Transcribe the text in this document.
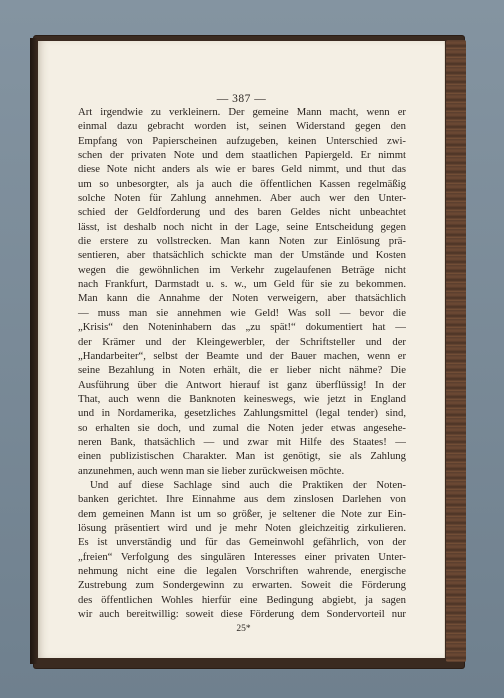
— 387 —
Art irgendwie zu verkleinern. Der gemeine Mann macht, wenn er
einmal dazu gebracht worden ist, seinen Widerstand gegen den
Empfang von Papierscheinen aufzugeben, keinen Unterschied zwi-
schen der privaten Note und dem staatlichen Papiergeld. Er nimmt
diese Note nicht anders als wie er bares Geld nimmt, und thut das
um so unbesorgter, als ja auch die öffentlichen Kassen regelmäßig
solche Noten für Zahlung annehmen. Aber auch wer den Unter-
schied der Geldforderung und des baren Geldes nicht unbeachtet
lässt, ist deshalb noch nicht in der Lage, seine Entscheidung gegen
die erstere zu vollstrecken. Man kann Noten zur Einlösung prä-
sentieren, aber thatsächlich schickte man der Umstände und Kosten
wegen die gewöhnlichen im Verkehr zugelaufenen Beträge nicht
nach Frankfurt, Darmstadt u. s. w., um Geld für sie zu bekommen.
Man kann die Annahme der Noten verweigern, aber thatsächlich
— muss man sie annehmen wie Geld! Was soll — bevor die
„Krisis“ den Noteninhabern das „zu spät!“ dokumentiert hat —
der Krämer und der Kleingewerbler, der Schriftsteller und der
„Handarbeiter“, selbst der Beamte und der Bauer machen, wenn er
seine Bezahlung in Noten erhält, die er lieber nicht nähme? Die
Ausführung über die Antwort hierauf ist ganz überflüssig! In der
That, auch wenn die Banknoten keineswegs, wie jetzt in England
und in Nordamerika, gesetzliches Zahlungsmittel (legal tender) sind,
so erhalten sie doch, und zumal die Noten jeder etwas angesehe-
neren Bank, thatsächlich — und zwar mit Hilfe des Staates! —
einen publizistischen Charakter. Man ist genötigt, sie als Zahlung
anzunehmen, auch wenn man sie lieber zurückweisen möchte.
Und auf diese Sachlage sind auch die Praktiken der Noten-
banken gerichtet. Ihre Einnahme aus dem zinslosen Darlehen von
dem gemeinen Mann ist um so größer, je seltener die Note zur Ein-
lösung präsentiert wird und je mehr Noten gleichzeitig zirkulieren.
Es ist unverständig und für das Gemeinwohl gefährlich, von der
„freien“ Verfolgung des singulären Interesses einer privaten Unter-
nehmung nicht eine die legalen Vorschriften wahrende, energische
Zustrebung zum Sondergewinn zu erwarten. Soweit die Förderung
des öffentlichen Wohles hierfür eine Bedingung abgiebt, ja sagen
wir auch bereitwillig: soweit diese Förderung dem Sondervorteil nur
25*
